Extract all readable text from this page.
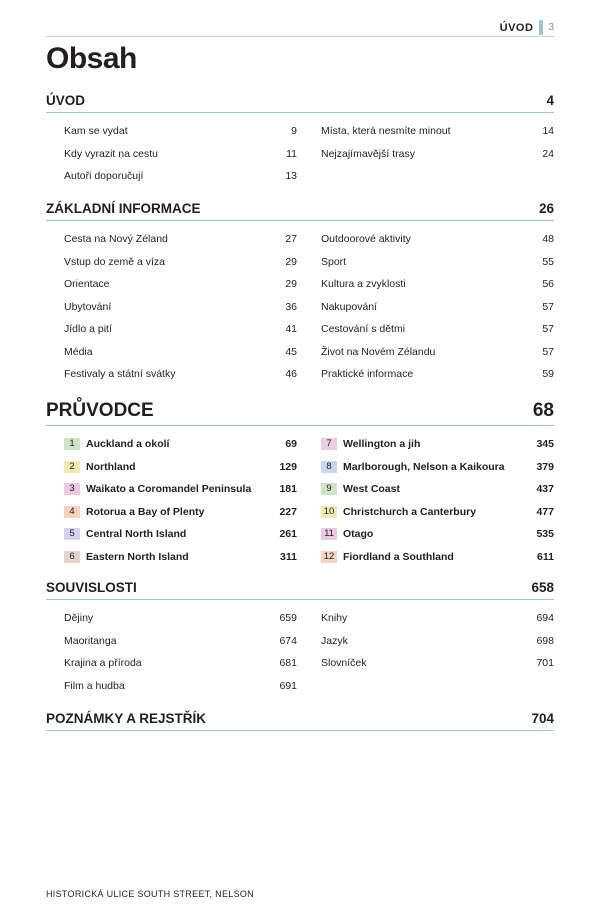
ÚVOD 3
Obsah
ÚVOD	4
Kam se vydat	9
Kdy vyrazit na cestu	11
Autoři doporučují	13
Místa, která nesmíte minout	14
Nejzajímavější trasy	24
ZÁKLADNÍ INFORMACE	26
Cesta na Nový Zéland	27
Vstup do země a víza	29
Orientace	29
Ubytování	36
Jídlo a pití	41
Média	45
Festivaly a státní svátky	46
Outdoorové aktivity	48
Sport	55
Kultura a zvyklosti	56
Nakupování	57
Cestování s dětmi	57
Život na Novém Zélandu	57
Praktické informace	59
PRŮVODCE	68
1	Auckland a okolí	69
2	Northland	129
3	Waikato a Coromandel Peninsula	181
4	Rotorua a Bay of Plenty	227
5	Central North Island	261
6	Eastern North Island	311
7	Wellington a jih	345
8	Marlborough, Nelson a Kaikoura	379
9	West Coast	437
10 Christchurch a Canterbury	477
11 Otago	535
12 Fiordland a Southland	611
SOUVISLOSTI	658
Dějiny	659
Maoritanga	674
Krajina a příroda	681
Film a hudba	691
Knihy	694
Jazyk	698
Slovníček	701
POZNÁMKY A REJSTŘÍK	704
HISTORICKÁ ULICE SOUTH STREET, NELSON
